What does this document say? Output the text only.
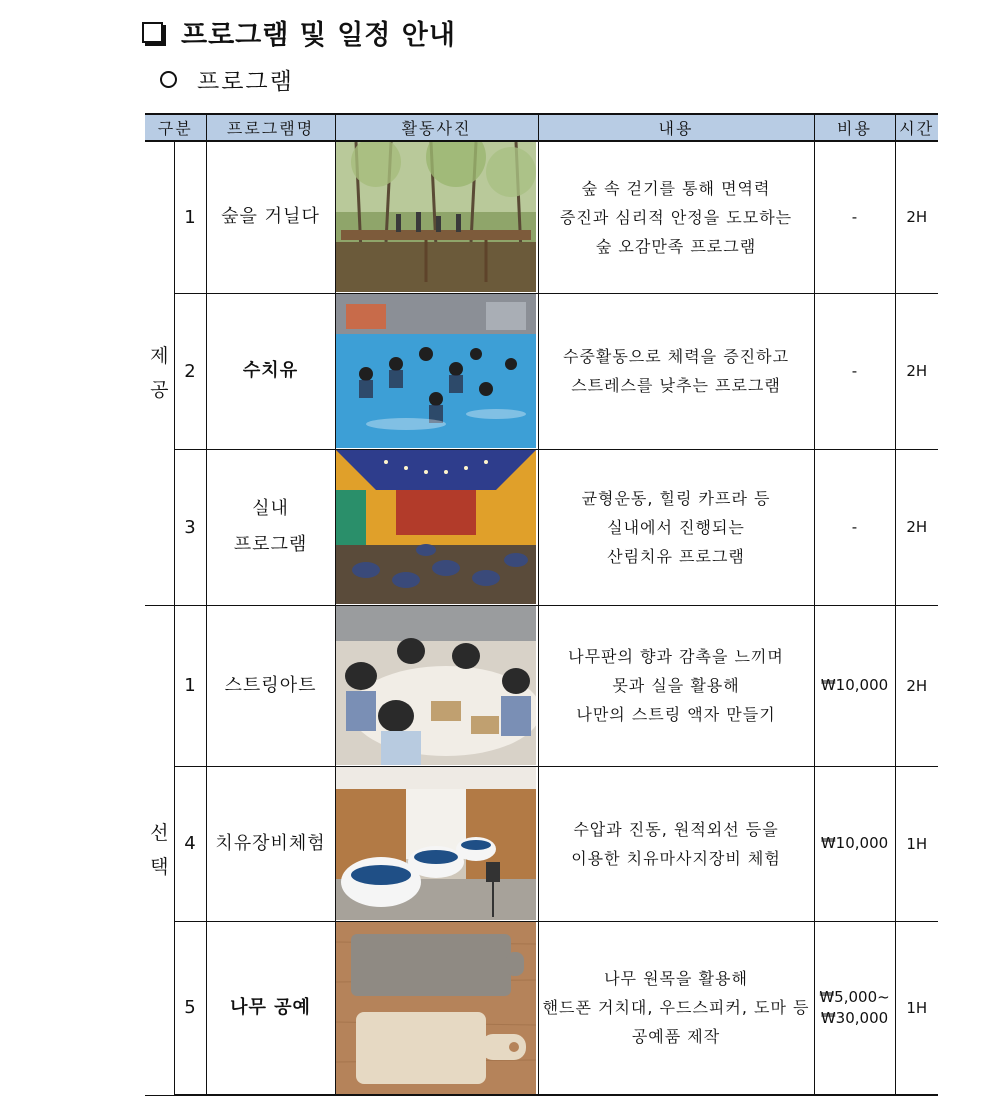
프로그램 및 일정 안내
프로그램
구분		프로그램명	활동사진	내용	비용	시간
제
공	1	숲을 거닐다		숲 속 걷기를 통해 면역력
증진과 심리적 안정을 도모하는
숲 오감만족 프로그램	-	2H
	2	수치유		수중활동으로 체력을 증진하고
스트레스를 낮추는 프로그램	-	2H
	3	실내
프로그램		균형운동, 힐링 카프라 등
실내에서 진행되는
산림치유 프로그램	-	2H
선
택	1	스트링아트		나무판의 향과 감촉을 느끼며
못과 실을 활용해
나만의 스트링 액자 만들기	₩10,000	2H
	4	치유장비체험		수압과 진동, 원적외선 등을
이용한 치유마사지장비 체험	₩10,000	1H
	5	나무 공예		나무 원목을 활용해
핸드폰 거치대, 우드스피커, 도마 등
공예품 제작	₩5,000~
₩30,000	1H
